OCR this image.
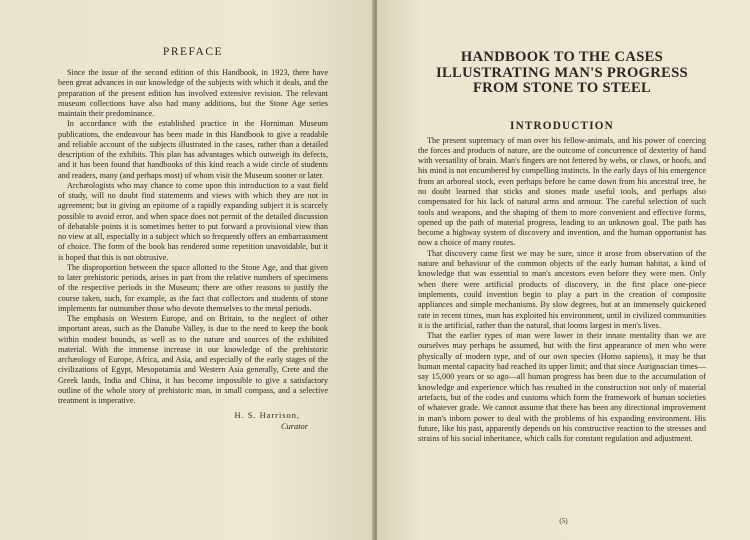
PREFACE

Since the issue of the second edition of this Handbook, in 1923, there have been great advances in our knowledge of the subjects with which it deals, and the preparation of the present edition has involved extensive revision. The relevant museum collections have also had many additions, but the Stone Age series maintain their predominance.

In accordance with the established practice in the Horniman Museum publications, the endeavour has been made in this Handbook to give a readable and reliable account of the subjects illustrated in the cases, rather than a detailed description of the exhibits. This plan has advantages which outweigh its defects, and it has been found that handbooks of this kind reach a wide circle of students and readers, many (and perhaps most) of whom visit the Museum sooner or later.

Archæologists who may chance to come upon this introduction to a vast field of study, will no doubt find statements and views with which they are not in agreement; but in giving an epitome of a rapidly expanding subject it is scarcely possible to avoid error, and when space does not permit of the detailed discussion of debatable points it is sometimes better to put forward a provisional view than no view at all, especially in a subject which so frequently offers an embarrassment of choice. The form of the book has rendered some repetition unavoidable, but it is hoped that this is not obtrusive.

The disproportion between the space allotted to the Stone Age, and that given to later prehistoric periods, arises in part from the relative numbers of specimens of the respective periods in the Museum; there are other reasons to justify the course taken, such, for example, as the fact that collectors and students of stone implements far outnumber those who devote themselves to the metal periods.

The emphasis on Western Europe, and on Britain, to the neglect of other important areas, such as the Danube Valley, is due to the need to keep the book within modest bounds, as well as to the nature and sources of the exhibited material. With the immense increase in our knowledge of the prehistoric archæology of Europe, Africa, and Asia, and especially of the early stages of the civilizations of Egypt, Mesopotamia and Western Asia generally, Crete and the Greek lands, India and China, it has become impossible to give a satisfactory outline of the whole story of prehistoric man, in small compass, and a selective treatment is imperative.

H. S. Harrison,
Curator
HANDBOOK TO THE CASES
ILLUSTRATING MAN'S PROGRESS
FROM STONE TO STEEL
INTRODUCTION

The present supremacy of man over his fellow-animals, and his power of coercing the forces and products of nature, are the outcome of concurrence of dexterity of hand with versatility of brain. Man's fingers are not fettered by webs, or claws, or hoofs, and his mind is not encumbered by compelling instincts. In the early days of his emergence from an arboreal stock, even perhaps before he came down from his ancestral tree, he no doubt learned that sticks and stones made useful tools, and perhaps also compensated for his lack of natural arms and armour. The careful selection of such tools and weapons, and the shaping of them to more convenient and effective forms, opened up the path of material progress, leading to an unknown goal. The path has become a highway system of discovery and invention, and the human opportunist has now a choice of many routes.

That discovery came first we may be sure, since it arose from observation of the nature and behaviour of the common objects of the early human habitat, a kind of knowledge that was essential to man's ancestors even before they were men. Only when there were artificial products of discovery, in the first place one-piece implements, could invention begin to play a part in the creation of composite appliances and simple mechanisms. By slow degrees, but at an immensely quickened rate in recent times, man has exploited his environment, until in civilized communities it is the artificial, rather than the natural, that looms largest in men's lives.

That the earlier types of man were lower in their innate mentality than we are ourselves may perhaps be assumed, but with the first appearance of men who were physically of modern type, and of our own species (Homo sapiens), it may be that human mental capacity had reached its upper limit; and that since Aurignacian times—say 15,000 years or so ago—all human progress has been due to the accumulation of knowledge and experience which has resulted in the construction not only of material artefacts, but of the codes and customs which form the framework of human societies of whatever grade. We cannot assume that there has been any directional improvement in man's inborn power to deal with the problems of his expanding environment. His future, like his past, apparently depends on his constructive reaction to the stresses and strains of his social inheritance, which calls for constant regulation and adjustment.

(5)
